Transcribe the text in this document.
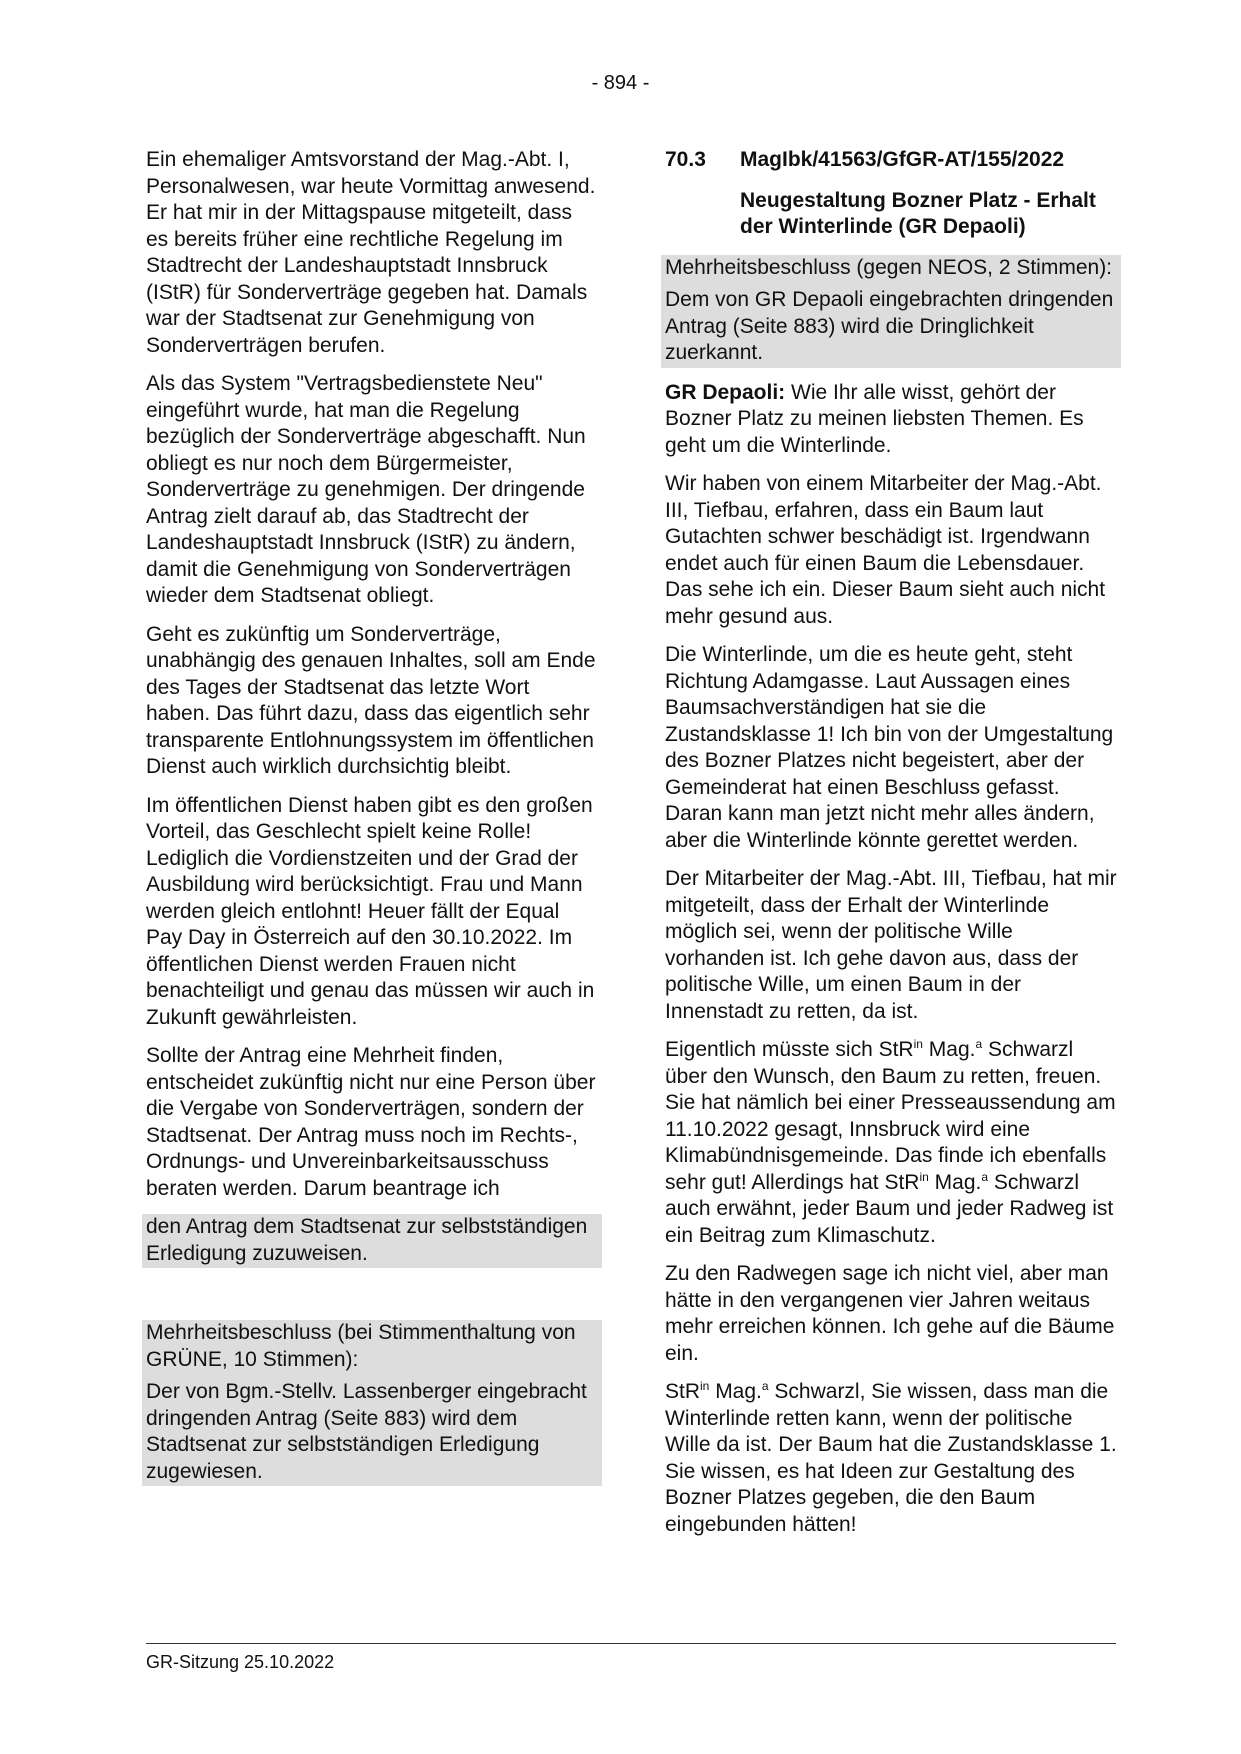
- 894 -

Ein ehemaliger Amtsvorstand der Mag.-Abt. I, Personalwesen, war heute Vormittag anwesend. Er hat mir in der Mittagspause mitgeteilt, dass es bereits früher eine rechtliche Regelung im Stadtrecht der Landeshauptstadt Innsbruck (IStR) für Sonderverträge gegeben hat. Damals war der Stadtsenat zur Genehmigung von Sonderverträgen berufen.

Als das System "Vertragsbedienstete Neu" eingeführt wurde, hat man die Regelung bezüglich der Sonderverträge abgeschafft. Nun obliegt es nur noch dem Bürgermeister, Sonderverträge zu genehmigen. Der dringende Antrag zielt darauf ab, das Stadtrecht der Landeshauptstadt Innsbruck (IStR) zu ändern, damit die Genehmigung von Sonderverträgen wieder dem Stadtsenat obliegt.

Geht es zukünftig um Sonderverträge, unabhängig des genauen Inhaltes, soll am Ende des Tages der Stadtsenat das letzte Wort haben. Das führt dazu, dass das eigentlich sehr transparente Entlohnungssystem im öffentlichen Dienst auch wirklich durchsichtig bleibt.

Im öffentlichen Dienst haben gibt es den großen Vorteil, das Geschlecht spielt keine Rolle! Lediglich die Vordienstzeiten und der Grad der Ausbildung wird berücksichtigt. Frau und Mann werden gleich entlohnt! Heuer fällt der Equal Pay Day in Österreich auf den 30.10.2022. Im öffentlichen Dienst werden Frauen nicht benachteiligt und genau das müssen wir auch in Zukunft gewährleisten.

Sollte der Antrag eine Mehrheit finden, entscheidet zukünftig nicht nur eine Person über die Vergabe von Sonderverträgen, sondern der Stadtsenat. Der Antrag muss noch im Rechts-, Ordnungs- und Unvereinbarkeitsausschuss beraten werden. Darum beantrage ich

den Antrag dem Stadtsenat zur selbstständigen Erledigung zuzuweisen.

Mehrheitsbeschluss (bei Stimmenthaltung von GRÜNE, 10 Stimmen):

Der von Bgm.-Stellv. Lassenberger eingebracht dringenden Antrag (Seite 883) wird dem Stadtsenat zur selbstständigen Erledigung zugewiesen.

70.3	MagIbk/41563/GfGR-AT/155/2022

Neugestaltung Bozner Platz - Erhalt der Winterlinde (GR Depaoli)

Mehrheitsbeschluss (gegen NEOS, 2 Stimmen):

Dem von GR Depaoli eingebrachten dringenden Antrag (Seite 883) wird die Dringlichkeit zuerkannt.

GR Depaoli: Wie Ihr alle wisst, gehört der Bozner Platz zu meinen liebsten Themen. Es geht um die Winterlinde.

Wir haben von einem Mitarbeiter der Mag.-Abt. III, Tiefbau, erfahren, dass ein Baum laut Gutachten schwer beschädigt ist. Irgendwann endet auch für einen Baum die Lebensdauer. Das sehe ich ein. Dieser Baum sieht auch nicht mehr gesund aus.

Die Winterlinde, um die es heute geht, steht Richtung Adamgasse. Laut Aussagen eines Baumsachverständigen hat sie die Zustandsklasse 1! Ich bin von der Umgestaltung des Bozner Platzes nicht begeistert, aber der Gemeinderat hat einen Beschluss gefasst. Daran kann man jetzt nicht mehr alles ändern, aber die Winterlinde könnte gerettet werden.

Der Mitarbeiter der Mag.-Abt. III, Tiefbau, hat mir mitgeteilt, dass der Erhalt der Winterlinde möglich sei, wenn der politische Wille vorhanden ist. Ich gehe davon aus, dass der politische Wille, um einen Baum in der Innenstadt zu retten, da ist.

Eigentlich müsste sich StR$^{in}$ Mag.$^a$ Schwarzl über den Wunsch, den Baum zu retten, freuen. Sie hat nämlich bei einer Presseaussendung am 11.10.2022 gesagt, Innsbruck wird eine Klimabündnisgemeinde. Das finde ich ebenfalls sehr gut! Allerdings hat StR$^{in}$ Mag.$^a$ Schwarzl auch erwähnt, jeder Baum und jeder Radweg ist ein Beitrag zum Klimaschutz.

Zu den Radwegen sage ich nicht viel, aber man hätte in den vergangenen vier Jahren weitaus mehr erreichen können. Ich gehe auf die Bäume ein.

StR$^{in}$ Mag.$^a$ Schwarzl, Sie wissen, dass man die Winterlinde retten kann, wenn der politische Wille da ist. Der Baum hat die Zustandsklasse 1. Sie wissen, es hat Ideen zur Gestaltung des Bozner Platzes gegeben, die den Baum eingebunden hätten!

GR-Sitzung 25.10.2022
